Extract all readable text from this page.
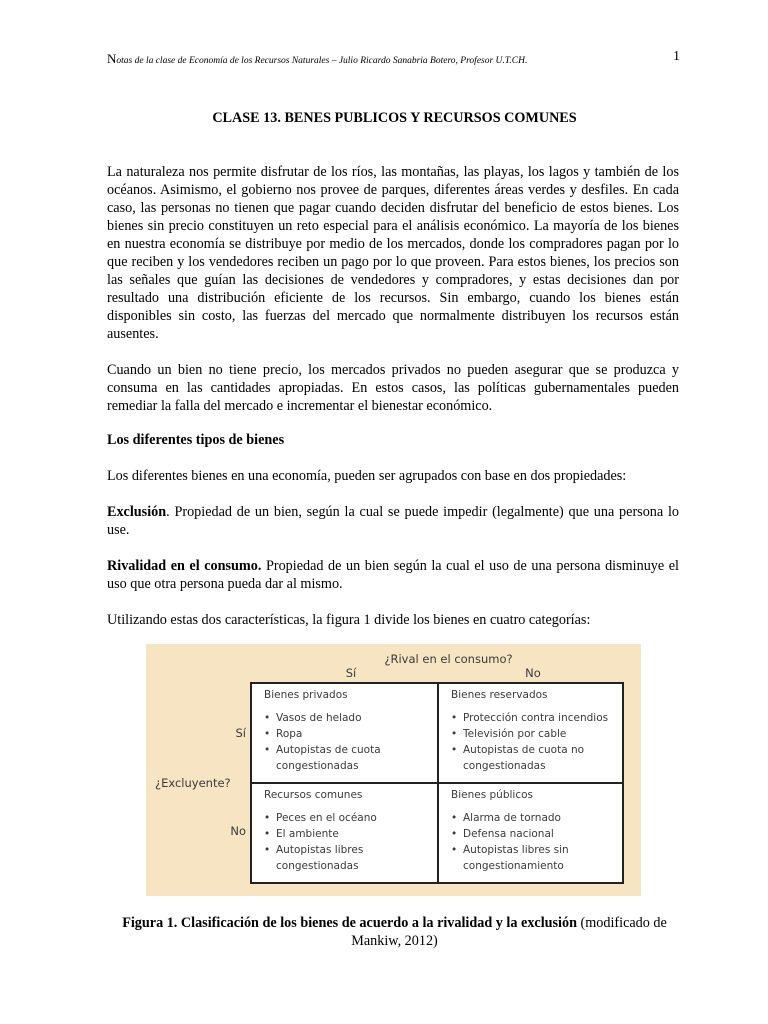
Notas de la clase de Economía de los Recursos Naturales – Julio Ricardo Sanabria Botero, Profesor U.T.CH.	1
CLASE 13. BENES PUBLICOS Y RECURSOS COMUNES

La naturaleza nos permite disfrutar de los ríos, las montañas, las playas, los lagos y también de los océanos. Asimismo, el gobierno nos provee de parques, diferentes áreas verdes y desfiles. En cada caso, las personas no tienen que pagar cuando deciden disfrutar del beneficio de estos bienes. Los bienes sin precio constituyen un reto especial para el análisis económico. La mayoría de los bienes en nuestra economía se distribuye por medio de los mercados, donde los compradores pagan por lo que reciben y los vendedores reciben un pago por lo que proveen. Para estos bienes, los precios son las señales que guían las decisiones de vendedores y compradores, y estas decisiones dan por resultado una distribución eficiente de los recursos. Sin embargo, cuando los bienes están disponibles sin costo, las fuerzas del mercado que normalmente distribuyen los recursos están ausentes.

Cuando un bien no tiene precio, los mercados privados no pueden asegurar que se produzca y consuma en las cantidades apropiadas. En estos casos, las políticas gubernamentales pueden remediar la falla del mercado e incrementar el bienestar económico.

Los diferentes tipos de bienes

Los diferentes bienes en una economía, pueden ser agrupados con base en dos propiedades:

Exclusión. Propiedad de un bien, según la cual se puede impedir (legalmente) que una persona lo use.

Rivalidad en el consumo. Propiedad de un bien según la cual el uso de una persona disminuye el uso que otra persona pueda dar al mismo.

Utilizando estas dos características, la figura 1 divide los bienes en cuatro categorías:

¿Rival en el consumo?
Sí	No
Sí
¿Excluyente?
No

Bienes privados

• Vasos de helado
• Ropa
• Autopistas de cuota
congestionadas

Bienes reservados

• Protección contra incendios
• Televisión por cable
• Autopistas de cuota no
congestionadas

Recursos comunes

• Peces en el océano
• El ambiente
• Autopistas libres congestionadas

Bienes públicos

• Alarma de tornado
• Defensa nacional
• Autopistas libres sin
congestionamiento
Figura 1. Clasificación de los bienes de acuerdo a la rivalidad y la exclusión (modificado de Mankiw, 2012)
